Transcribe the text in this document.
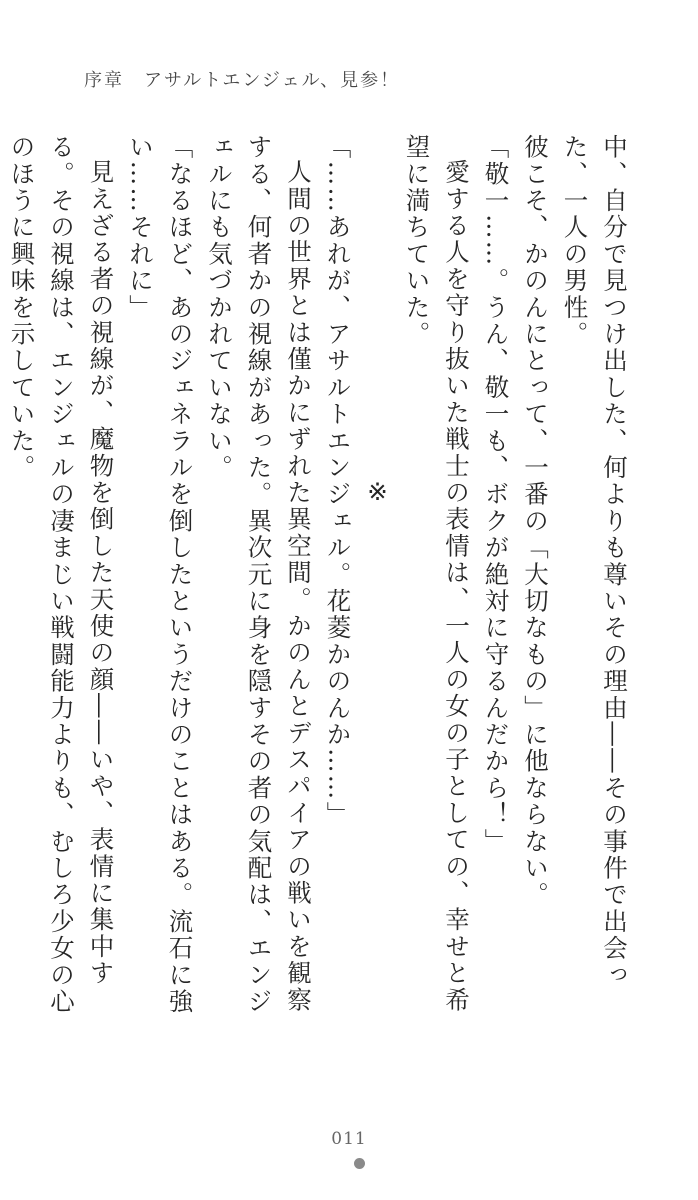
序章　アサルトエンジェル、見参！

中、自分で見つけ出した、何よりも尊いその理由――その事件で出会った、一人の男性。

彼こそ、かのんにとって、一番の「大切なもの」に他ならない。

「敬一……。うん、敬一も、ボクが絶対に守るんだから！」

愛する人を守り抜いた戦士の表情は、一人の女の子としての、幸せと希望に満ちていた。

※

「……あれが、アサルトエンジェル。花菱かのんか……」

人間の世界とは僅かにずれた異空間。かのんとデスパイアの戦いを観察する、何者かの視線があった。異次元に身を隠すその者の気配は、エンジェルにも気づかれていない。

「なるほど、あのジェネラルを倒したというだけのことはある。流石に強い……それに」

見えざる者の視線が、魔物を倒した天使の顔――いや、表情に集中する。その視線は、エンジェルの凄まじい戦闘能力よりも、むしろ少女の心のほうに興味を示していた。

011
